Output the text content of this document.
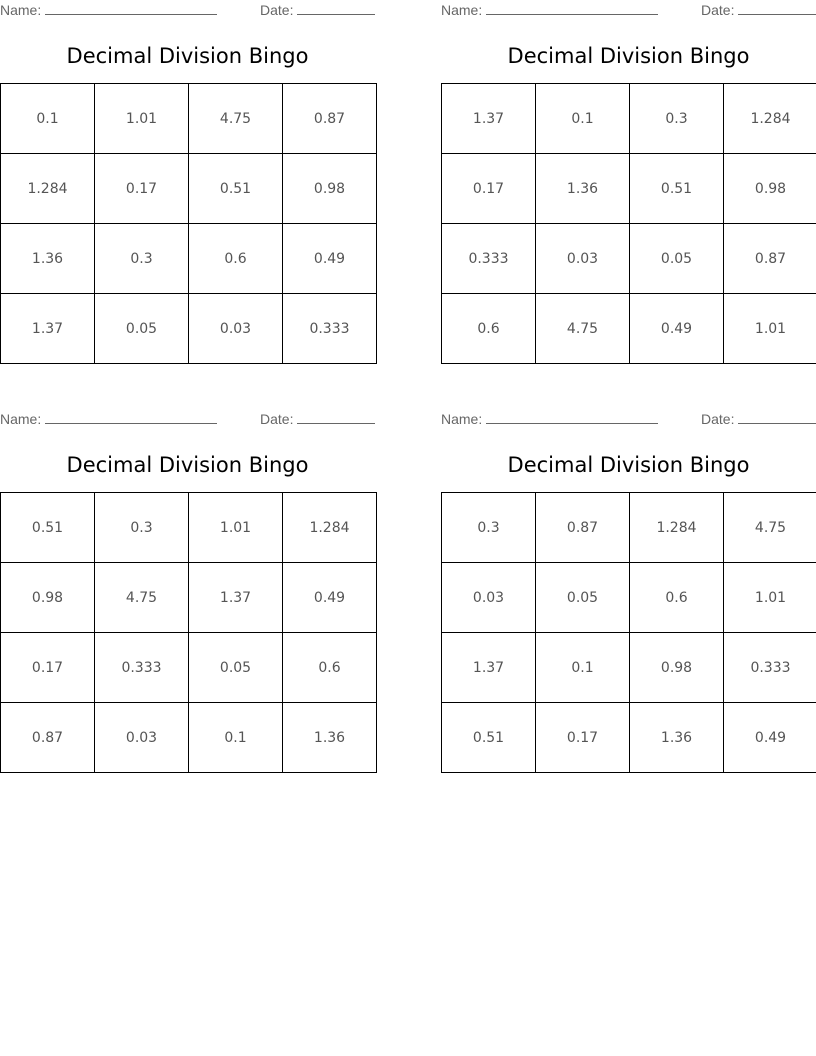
Name:	Date:
Decimal Division Bingo
0.1	1.01	4.75	0.87
1.284	0.17	0.51	0.98
1.36	0.3	0.6	0.49
1.37	0.05	0.03	0.333
Name:	Date:
Decimal Division Bingo
1.37	0.1	0.3	1.284
0.17	1.36	0.51	0.98
0.333	0.03	0.05	0.87
0.6	4.75	0.49	1.01
Name:	Date:
Decimal Division Bingo
0.51	0.3	1.01	1.284
0.98	4.75	1.37	0.49
0.17	0.333	0.05	0.6
0.87	0.03	0.1	1.36
Name:	Date:
Decimal Division Bingo
0.3	0.87	1.284	4.75
0.03	0.05	0.6	1.01
1.37	0.1	0.98	0.333
0.51	0.17	1.36	0.49
